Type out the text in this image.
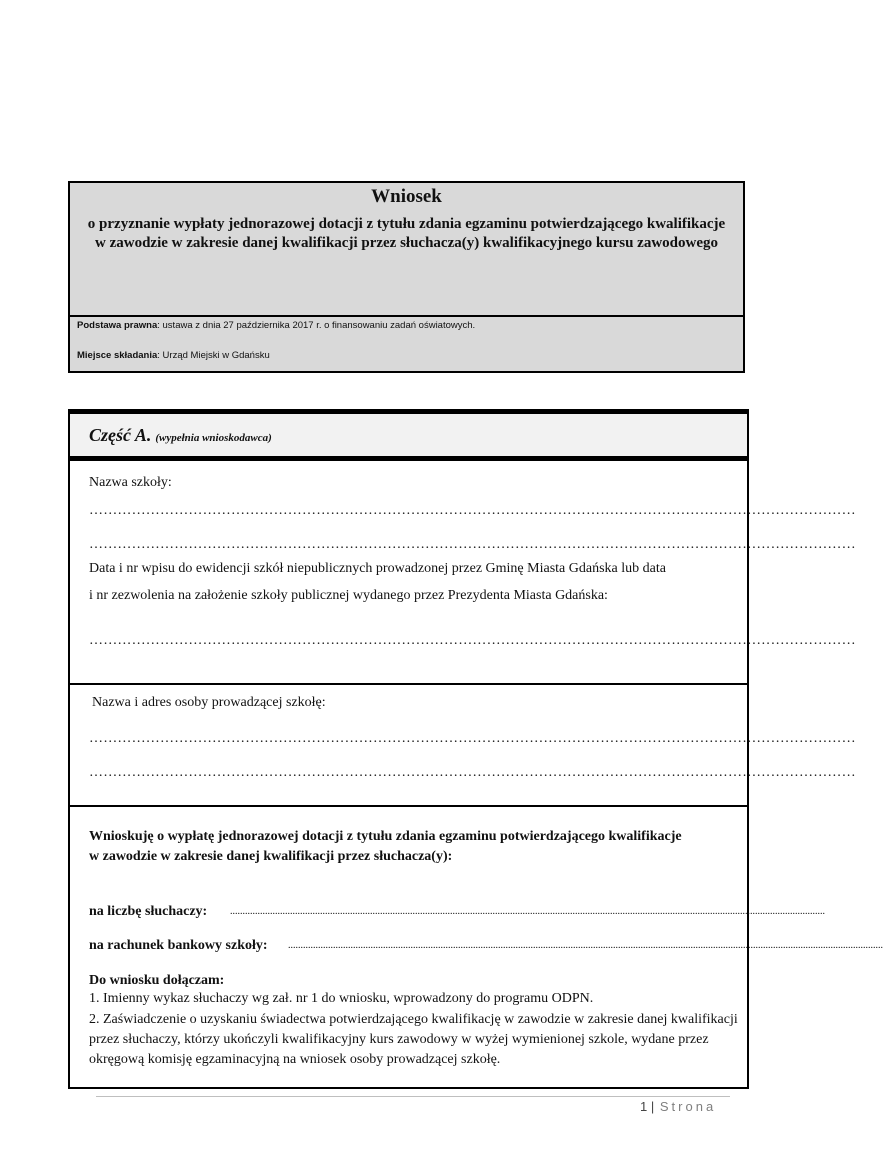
Wniosek
o przyznanie wypłaty jednorazowej dotacji z tytułu zdania egzaminu potwierdzającego kwalifikacje w zawodzie w zakresie danej kwalifikacji przez słuchacza(y) kwalifikacyjnego kursu zawodowego
Podstawa prawna: ustawa z dnia 27 października 2017 r. o finansowaniu zadań oświatowych.
Miejsce składania: Urząd Miejski w Gdańsku
Część A. (wypełnia wnioskodawca)
Nazwa szkoły:
………………………………………………………………………………………………………………………………………………
………………………………………………………………………………………………………………………………………………
Data i nr wpisu do ewidencji szkół niepublicznych prowadzonej przez Gminę Miasta Gdańska lub data
i nr zezwolenia na założenie szkoły publicznej wydanego przez Prezydenta Miasta Gdańska:
………………………………………………………………………………………………………………………………………………
Nazwa i adres osoby prowadzącej szkołę:
………………………………………………………………………………………………………………………………………………
………………………………………………………………………………………………………………………………………………
Wnioskuję o wypłatę jednorazowej dotacji z tytułu zdania egzaminu potwierdzającego kwalifikacje
w zawodzie w zakresie danej kwalifikacji przez słuchacza(y):
na liczbę słuchaczy: ..............................................................................................................................................................................................................................................
na rachunek bankowy szkoły: ..............................................................................................................................................................................................................................................
Do wniosku dołączam:
1. Imienny wykaz słuchaczy wg zał. nr 1 do wniosku, wprowadzony do programu ODPN.
2. Zaświadczenie o uzyskaniu świadectwa potwierdzającego kwalifikację w zawodzie w zakresie danej kwalifikacji przez słuchaczy, którzy ukończyli kwalifikacyjny kurs zawodowy w wyżej wymienionej szkole, wydane przez okręgową komisję egzaminacyjną na wniosek osoby prowadzącej szkołę.
1 | Strona
